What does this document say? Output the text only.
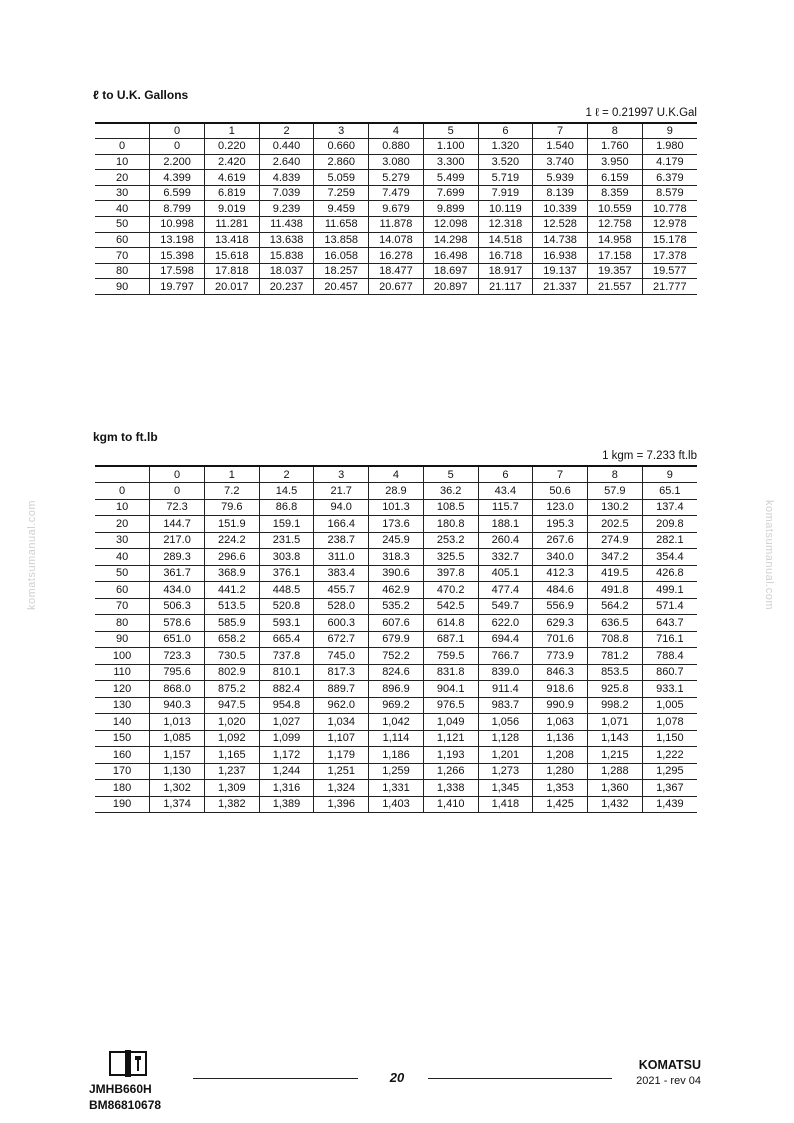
ℓ to U.K. Gallons
1 ℓ = 0.21997 U.K.Gal
	0	1	2	3	4	5	6	7	8	9
0	0	0.220	0.440	0.660	0.880	1.100	1.320	1.540	1.760	1.980
10	2.200	2.420	2.640	2.860	3.080	3.300	3.520	3.740	3.950	4.179
20	4.399	4.619	4.839	5.059	5.279	5.499	5.719	5.939	6.159	6.379
30	6.599	6.819	7.039	7.259	7.479	7.699	7.919	8.139	8.359	8.579
40	8.799	9.019	9.239	9.459	9.679	9.899	10.119	10.339	10.559	10.778
50	10.998	11.281	11.438	11.658	11.878	12.098	12.318	12.528	12.758	12.978
60	13.198	13.418	13.638	13.858	14.078	14.298	14.518	14.738	14.958	15.178
70	15.398	15.618	15.838	16.058	16.278	16.498	16.718	16.938	17.158	17.378
80	17.598	17.818	18.037	18.257	18.477	18.697	18.917	19.137	19.357	19.577
90	19.797	20.017	20.237	20.457	20.677	20.897	21.117	21.337	21.557	21.777
kgm to ft.lb
1 kgm = 7.233 ft.lb
	0	1	2	3	4	5	6	7	8	9
0	0	7.2	14.5	21.7	28.9	36.2	43.4	50.6	57.9	65.1
10	72.3	79.6	86.8	94.0	101.3	108.5	115.7	123.0	130.2	137.4
20	144.7	151.9	159.1	166.4	173.6	180.8	188.1	195.3	202.5	209.8
30	217.0	224.2	231.5	238.7	245.9	253.2	260.4	267.6	274.9	282.1
40	289.3	296.6	303.8	311.0	318.3	325.5	332.7	340.0	347.2	354.4
50	361.7	368.9	376.1	383.4	390.6	397.8	405.1	412.3	419.5	426.8
60	434.0	441.2	448.5	455.7	462.9	470.2	477.4	484.6	491.8	499.1
70	506.3	513.5	520.8	528.0	535.2	542.5	549.7	556.9	564.2	571.4
80	578.6	585.9	593.1	600.3	607.6	614.8	622.0	629.3	636.5	643.7
90	651.0	658.2	665.4	672.7	679.9	687.1	694.4	701.6	708.8	716.1
100	723.3	730.5	737.8	745.0	752.2	759.5	766.7	773.9	781.2	788.4
110	795.6	802.9	810.1	817.3	824.6	831.8	839.0	846.3	853.5	860.7
120	868.0	875.2	882.4	889.7	896.9	904.1	911.4	918.6	925.8	933.1
130	940.3	947.5	954.8	962.0	969.2	976.5	983.7	990.9	998.2	1,005
140	1,013	1,020	1,027	1,034	1,042	1,049	1,056	1,063	1,071	1,078
150	1,085	1,092	1,099	1,107	1,114	1,121	1,128	1,136	1,143	1,150
160	1,157	1,165	1,172	1,179	1,186	1,193	1,201	1,208	1,215	1,222
170	1,130	1,237	1,244	1,251	1,259	1,266	1,273	1,280	1,288	1,295
180	1,302	1,309	1,316	1,324	1,331	1,338	1,345	1,353	1,360	1,367
190	1,374	1,382	1,389	1,396	1,403	1,410	1,418	1,425	1,432	1,439
komatsumanual.com	komatsumanual.com
JMHB660H
BM86810678
20
KOMATSU
2021 - rev 04
